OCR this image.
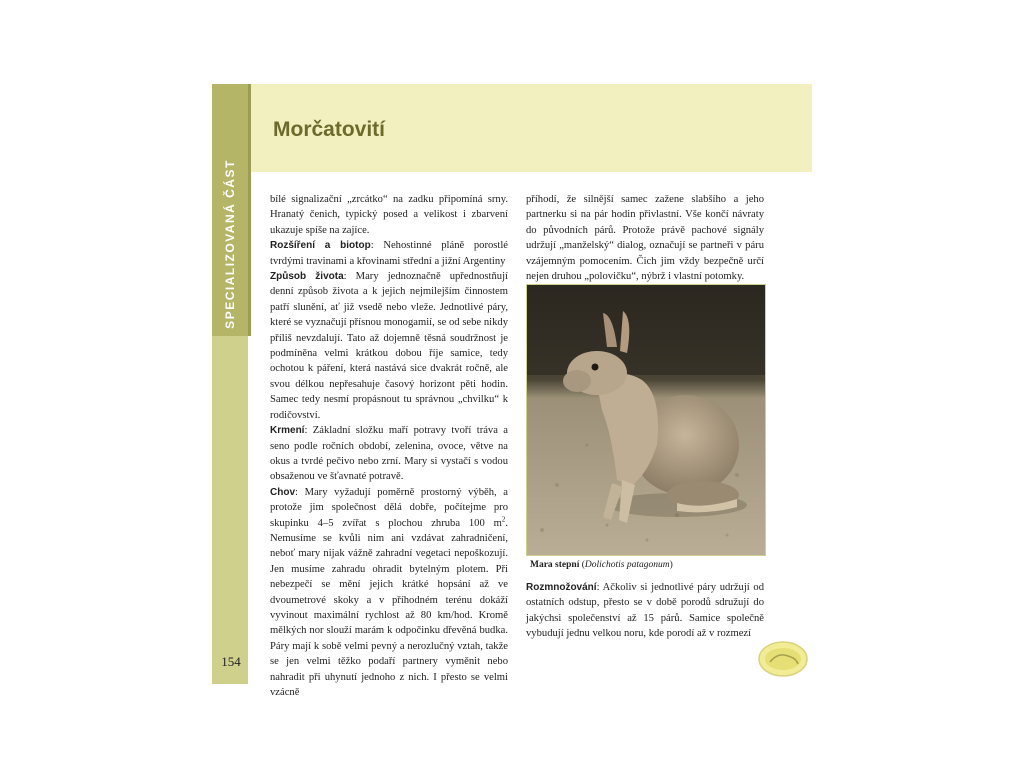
SPECIALIZOVANÁ ČÁST
154
Morčatovití

bílé signalizační „zrcátko“ na zadku připomíná srny. Hranatý čenich, typický posed a velikost i zbarvení ukazuje spíše na zajíce.

Rozšíření a biotop: Nehostinné pláně porostlé tvrdými travinami a křovinami střední a jižní Argentiny

Způsob života: Mary jednoznačně upřednostňují denní způsob života a k jejich nejmilejším činnostem patří slunění, ať již vsedě nebo vleže. Jednotlivé páry, které se vyznačují přísnou monogamií, se od sebe nikdy příliš nevzdalují. Tato až dojemně těsná soudržnost je podmíněna velmi krátkou dobou říje samice, tedy ochotou k páření, která nastává sice dvakrát ročně, ale svou délkou nepřesahuje časový horizont pěti hodin. Samec tedy nesmí propásnout tu správnou „chvilku“ k rodičovství.

Krmení: Základní složku maří potravy tvoří tráva a seno podle ročních období, zelenina, ovoce, větve na okus a tvrdé pečivo nebo zrní. Mary si vystačí s vodou obsaženou ve šťavnaté potravě.

Chov: Mary vyžadují poměrně prostorný výběh, a protože jim společnost dělá dobře, počítejme pro skupinku 4–5 zvířat s plochou zhruba 100 $m^2$. Nemusíme se kvůli nim ani vzdávat zahradničení, neboť mary nijak vážně zahradní vegetaci nepoškozují. Jen musíme zahradu ohradit bytelným plotem. Při nebezpečí se mění jejich krátké hopsání až ve dvoumetrové skoky a v příhodném terénu dokáží vyvinout maximální rychlost až 80 km/hod. Kromě mělkých nor slouží marám k odpočinku dřevěná budka. Páry mají k sobě velmi pevný a nerozlučný vztah, takže se jen velmi těžko podaří partnery vyměnit nebo nahradit při uhynutí jednoho z nich. I přesto se velmi vzácně

příhodí, že silnější samec zažene slabšího a jeho partnerku si na pár hodin přivlastní. Vše končí návraty do původních párů. Protože právě pachové signály udržují „manželský“ dialog, označují se partneři v páru vzájemným pomocením. Čich jim vždy bezpečně určí nejen druhou „polovičku“, nýbrž i vlastní potomky.

Mara stepní (Dolichotis patagonum)

Rozmnožování: Ačkoliv si jednotlivé páry udržují od ostatních odstup, přesto se v době porodů sdružují do jakýchsi společenství až 15 párů. Samice společně vybudují jednu velkou noru, kde porodí až v rozmezí
